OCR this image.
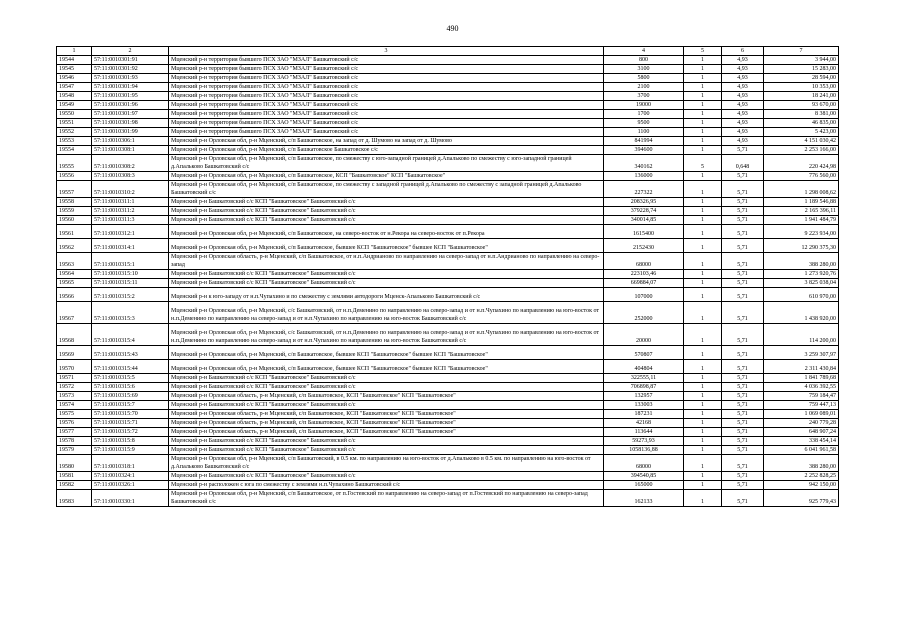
490
1	2	3	4	5	6	7
19544	57:11:0010301:91	Мценский р-н территория бывшего ПСХ ЗАО "МЗАЛ" Башкатовский с/с	800	1	4,93	3 944,00
19545	57:11:0010301:92	Мценский р-н территория бывшего ПСХ ЗАО "МЗАЛ" Башкатовский с/с	3100	1	4,93	15 283,00
19546	57:11:0010301:93	Мценский р-н территория бывшего ПСХ ЗАО "МЗАЛ" Башкатовский с/с	5800	1	4,93	28 594,00
19547	57:11:0010301:94	Мценский р-н территория бывшего ПСХ ЗАО "МЗАЛ" Башкатовский с/с	2100	1	4,93	10 353,00
19548	57:11:0010301:95	Мценский р-н территория бывшего ПСХ ЗАО "МЗАЛ" Башкатовский с/с	3700	1	4,93	18 241,00
19549	57:11:0010301:96	Мценский р-н территория бывшего ПСХ ЗАО "МЗАЛ" Башкатовский с/с	19000	1	4,93	93 670,00
19550	57:11:0010301:97	Мценский р-н территория бывшего ПСХ ЗАО "МЗАЛ" Башкатовский с/с	1700	1	4,93	8 381,00
19551	57:11:0010301:98	Мценский р-н территория бывшего ПСХ ЗАО "МЗАЛ" Башкатовский с/с	9500	1	4,93	46 835,00
19552	57:11:0010301:99	Мценский р-н территория бывшего ПСХ ЗАО "МЗАЛ" Башкатовский с/с	1100	1	4,93	5 423,00
19553	57:11:0010306:1	Мценский р-н Орловская обл, р-н Мценский, с/п Башкатовское, на запад от д. Шумово на запад от д. Шумово	841994	1	4,93	4 151 030,42
19554	57:11:0010308:1	Мценский р-н Орловская обл, р-н Мценский, с/п Башкатовское Башкатовское с/с	394600	1	5,71	2 253 166,00
19555	57:11:0010308:2	Мценский р-н Орловская обл, р-н Мценский, с/п Башкатовское, по смежеству с юго-западной границей д.Апальково по смежеству с юго-западной границей д.Апальково Башкатовский с/с	340162	5	0,648	220 424,98
19556	57:11:0010308:3	Мценский р-н Орловская обл, р-н Мценский, с/п Башкатовское, КСП "Башкатовское" КСП "Башкатовское"	136000	1	5,71	776 560,00
19557	57:11:0010310:2	Мценский р-н Орловская обл, р-н Мценский, с/п Башкатовское, по смежеству с западной границей д.Апальково по смежеству с западной границей д.Апальково Башкатовский с/с	227322	1	5,71	1 298 008,62
19558	57:11:0010311:1	Мценский р-н Башкатовский с/с КСП "Башкатовское" Башкатовский с/с	208326,95	1	5,71	1 189 546,88
19559	57:11:0010311:2	Мценский р-н Башкатовский с/с КСП "Башкатовское" Башкатовский с/с	379228,74	1	5,71	2 165 396,11
19560	57:11:0010311:3	Мценский р-н Башкатовский с/с КСП "Башкатовское" Башкатовский с/с	340014,85	1	5,71	1 941 484,79
19561	57:11:0010312:1	Мценский р-н Орловская обл, р-н Мценский, с/п Башкатовское, на северо-восток от н.Рекора на северо-восток от п.Рекора	1615400	1	5,71	9 223 934,00
19562	57:11:0010314:1	Мценский р-н Орловская обл, р-н Мценский, с/п Башкатовское, бывшее КСП "Башкатовское" бывшее КСП "Башкатовское"	2152430	1	5,71	12 290 375,30
19563	57:11:0010315:1	Мценский р-н Орловская область, р-н Мценский, с/п Башкатовское, от н.п.Андрианово по направлению на северо-запад от н.п.Андрианово по направлению на северо-запад	68000	1	5,71	388 280,00
19564	57:11:0010315:10	Мценский р-н Башкатовский с/с КСП "Башкатовское" Башкатовский с/с	223103,46	1	5,71	1 273 920,76
19565	57:11:0010315:11	Мценский р-н Башкатовский с/с КСП "Башкатовское" Башкатовский с/с	669884,07	1	5,71	3 825 038,04
19566	57:11:0010315:2	Мценский р-н к юго-западу от н.п.Чупахино и по смежеству с землями автодороги Мценск-Апальково Башкатовский с/с	107000	1	5,71	610 970,00
19567	57:11:0010315:3	Мценский р-н Орловская обл, р-н Мценский, с/с Башкатовский, от н.п.Деменино по направлению на северо-запад и от н.п.Чупахино по направлению на юго-восток от н.п.Деменино по направлению на северо-запад и от н.п.Чупахино по направлению на юго-восток Башкатовский с/с	252000	1	5,71	1 438 920,00
19568	57:11:0010315:4	Мценский р-н Орловская обл, р-н Мценский, с/с Башкатовский, от н.п.Деменино по направлению на северо-запад и от н.п.Чупахино по направлению на юго-восток от н.п.Деменино по направлению на северо-запад и от н.п.Чупахино по направлению на юго-восток Башкатовский с/с	20000	1	5,71	114 200,00
19569	57:11:0010315:43	Мценский р-н Орловская обл, р-н Мценский, с/п Башкатовское, бывшее КСП "Башкатовское" бывшее КСП "Башкатовское"	570807	1	5,71	3 259 307,97
19570	57:11:0010315:44	Мценский р-н Орловская обл, р-н Мценский, с/п Башкатовское, бывшее КСП "Башкатовское" бывшее КСП "Башкатовское"	404804	1	5,71	2 311 430,84
19571	57:11:0010315:5	Мценский р-н Башкатовский с/с КСП "Башкатовское" Башкатовский с/с	322555,11	1	5,71	1 841 789,68
19572	57:11:0010315:6	Мценский р-н Башкатовский с/с КСП "Башкатовское" Башкатовский с/с	706898,87	1	5,71	4 036 392,55
19573	57:11:0010315:69	Мценский р-н Орловская область, р-н Мценский, с/п Башкатовское, КСП "Башкатовское" КСП "Башкатовское"	132957	1	5,71	759 184,47
19574	57:11:0010315:7	Мценский р-н Башкатовский с/с КСП "Башкатовское" Башкатовский с/с	133003	1	5,71	759 447,13
19575	57:11:0010315:70	Мценский р-н Орловская область, р-н Мценский, с/п Башкатовское, КСП "Башкатовское" КСП "Башкатовское"	187231	1	5,71	1 069 089,01
19576	57:11:0010315:71	Мценский р-н Орловская область, р-н Мценский, с/п Башкатовское, КСП "Башкатовское" КСП "Башкатовское"	42168	1	5,71	240 779,28
19577	57:11:0010315:72	Мценский р-н Орловская область, р-н Мценский, с/п Башкатовское, КСП "Башкатовское" КСП "Башкатовское"	113644	1	5,71	648 907,24
19578	57:11:0010315:8	Мценский р-н Башкатовский с/с КСП "Башкатовское" Башкатовский с/с	59273,93	1	5,71	338 454,14
19579	57:11:0010315:9	Мценский р-н Башкатовский с/с КСП "Башкатовское" Башкатовский с/с	1058136,88	1	5,71	6 041 961,58
19580	57:11:0010318:1	Мценский р-н Орловская обл, р-н Мценский, с/п Башкатовский, в 0.5 км. по направлению на юго-восток от д.Апальково в 0.5 км. по направлению на юго-восток от д.Апальково Башкатовский с/с	68000	1	5,71	388 280,00
19581	57:11:0010324:1	Мценский р-н Башкатовский с/с КСП "Башкатовское" Башкатовский с/с	394540,85	1	5,71	2 252 828,25
19582	57:11:0010326:1	Мценский р-н расположен с юга по смежеству с землями н.п.Чупахино Башкатовский с/с	165000	1	5,71	942 150,00
19583	57:11:0010330:1	Мценский р-н Орловская обл, р-н Мценский, с/п Башкатовское, от п.Гостевский по направлению на северо-запад от п.Гостевский по направлению на северо-запад Башкатовский с/с	162133	1	5,71	925 779,43
